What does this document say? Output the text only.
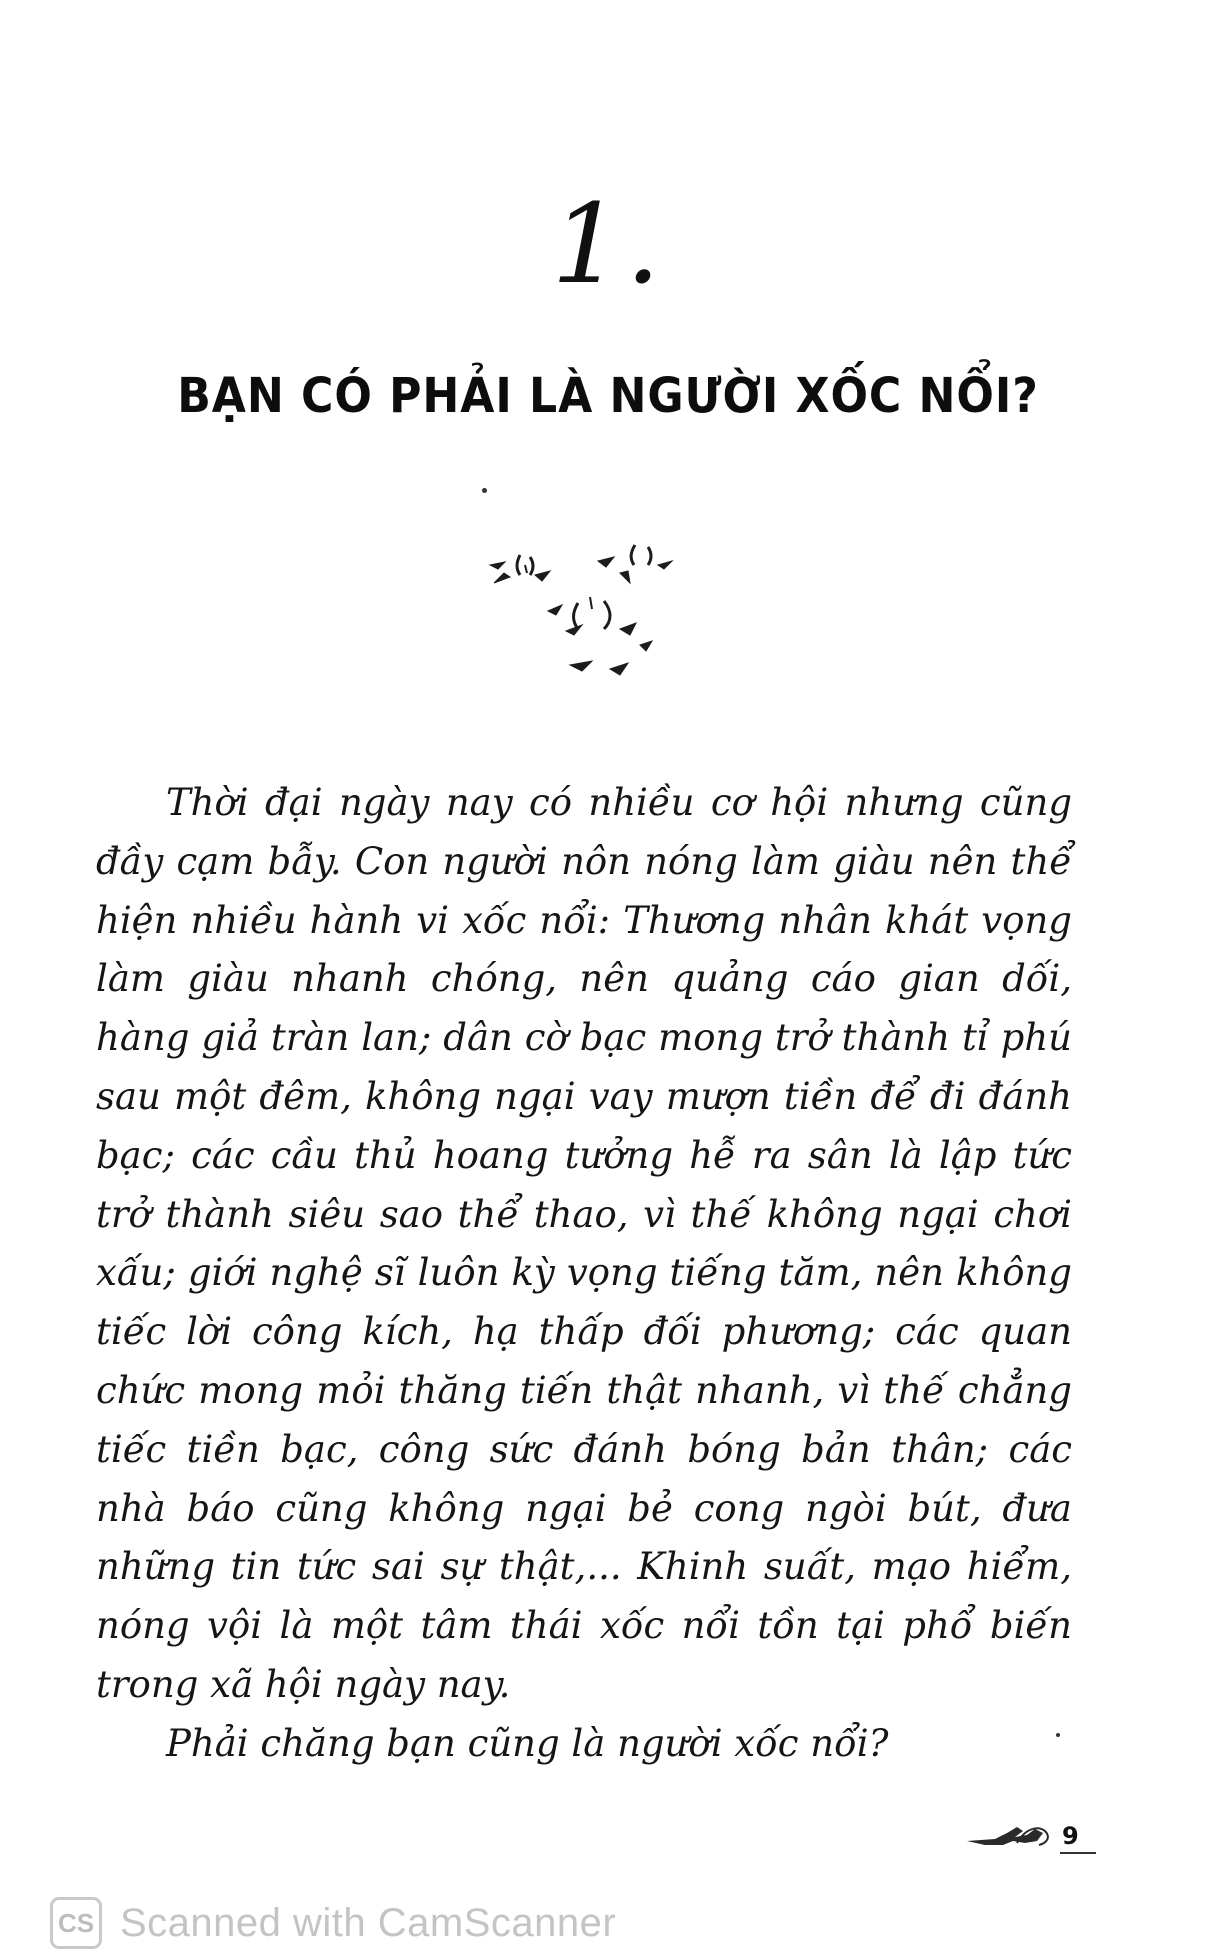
1.
BẠN CÓ PHẢI LÀ NGƯỜI XỐC NỔI?

Thời đại ngày nay có nhiều cơ hội nhưng cũng đầy cạm bẫy. Con người nôn nóng làm giàu nên thể hiện nhiều hành vi xốc nổi: Thương nhân khát vọng làm giàu nhanh chóng, nên quảng cáo gian dối, hàng giả tràn lan; dân cờ bạc mong trở thành tỉ phú sau một đêm, không ngại vay mượn tiền để đi đánh bạc; các cầu thủ hoang tưởng hễ ra sân là lập tức trở thành siêu sao thể thao, vì thế không ngại chơi xấu; giới nghệ sĩ luôn kỳ vọng tiếng tăm, nên không tiếc lời công kích, hạ thấp đối phương; các quan chức mong mỏi thăng tiến thật nhanh, vì thế chẳng tiếc tiền bạc, công sức đánh bóng bản thân; các nhà báo cũng không ngại bẻ cong ngòi bút, đưa những tin tức sai sự thật,... Khinh suất, mạo hiểm, nóng vội là một tâm thái xốc nổi tồn tại phổ biến trong xã hội ngày nay.

Phải chăng bạn cũng là người xốc nổi?

9
CS Scanned with CamScanner
